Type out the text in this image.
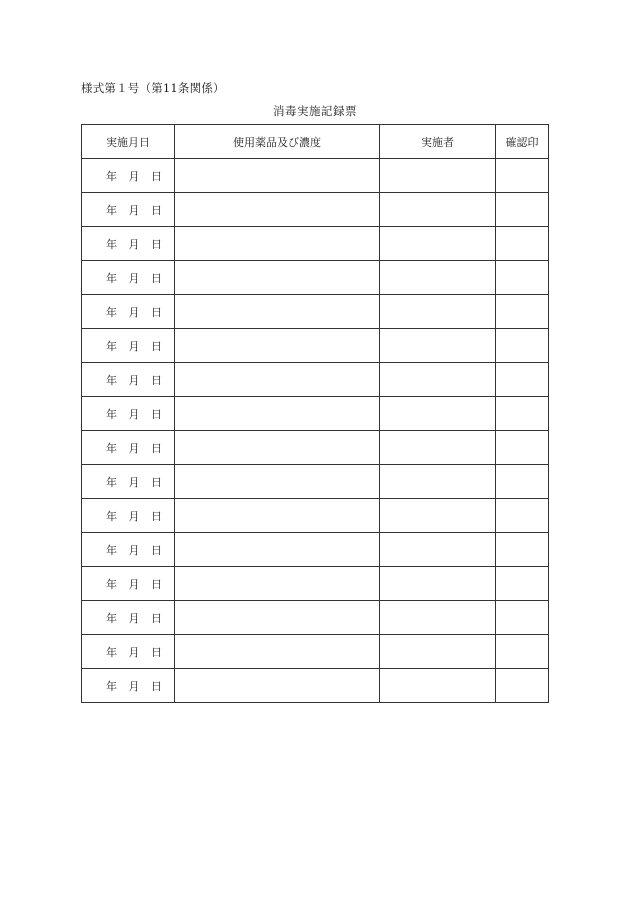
様式第１号（第11条関係）
消毒実施記録票
実施月日	使用薬品及び濃度	実施者	確認印

年 月 日			

年 月 日			

年 月 日			

年 月 日			

年 月 日			

年 月 日			

年 月 日			

年 月 日			

年 月 日			

年 月 日			

年 月 日			

年 月 日			

年 月 日			

年 月 日			

年 月 日			

年 月 日			
